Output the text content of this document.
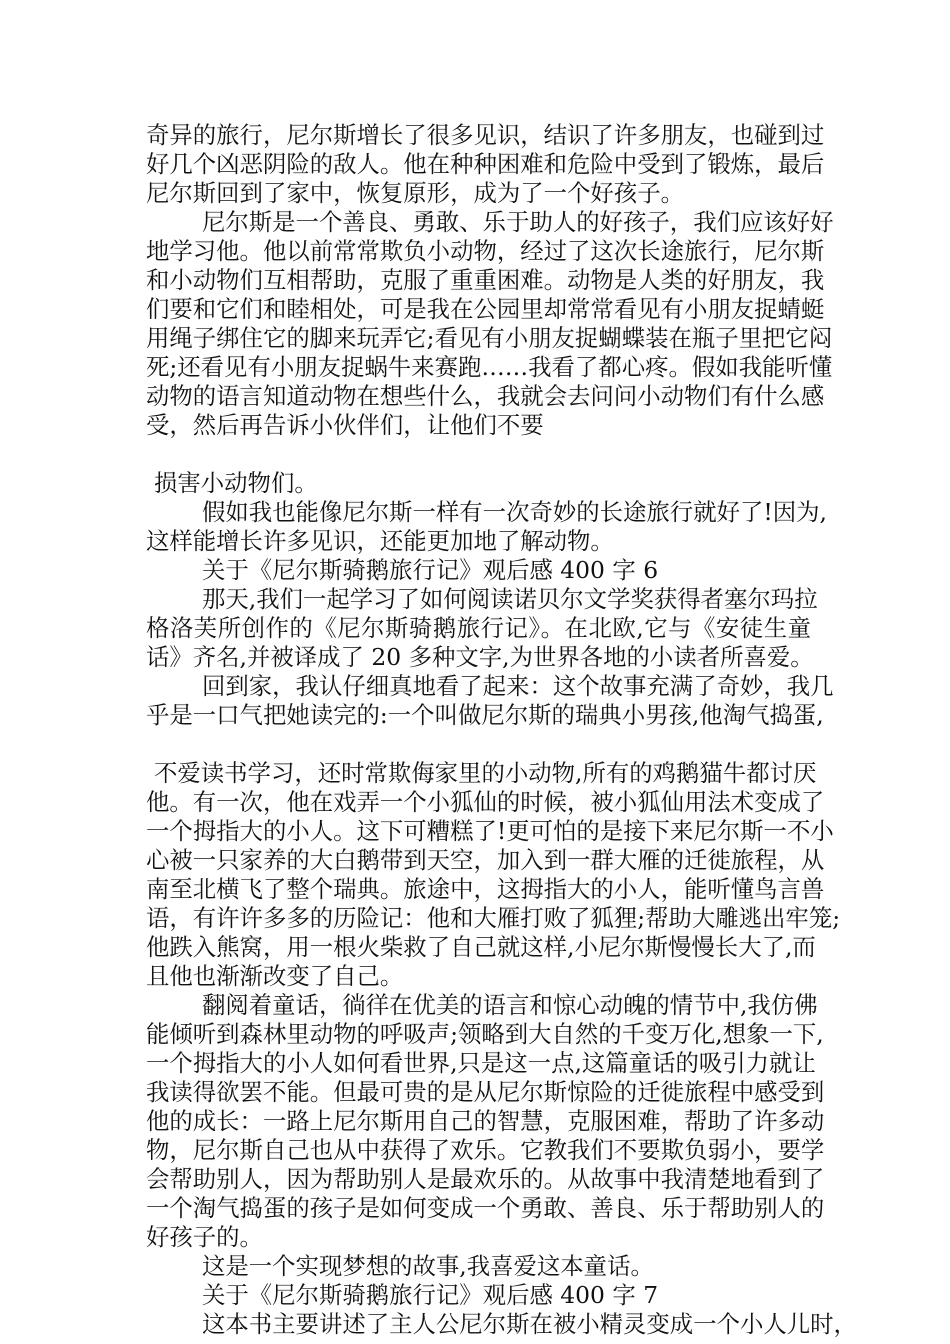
奇异的旅行，尼尔斯增长了很多见识，结识了许多朋友，也碰到过
好几个凶恶阴险的敌人。他在种种困难和危险中受到了锻炼，最后
尼尔斯回到了家中，恢复原形，成为了一个好孩子。
尼尔斯是一个善良、勇敢、乐于助人的好孩子，我们应该好好
地学习他。他以前常常欺负小动物，经过了这次长途旅行，尼尔斯
和小动物们互相帮助，克服了重重困难。动物是人类的好朋友，我
们要和它们和睦相处，可是我在公园里却常常看见有小朋友捉蜻蜓
用绳子绑住它的脚来玩弄它;看见有小朋友捉蝴蝶装在瓶子里把它闷
死;还看见有小朋友捉蜗牛来赛跑……我看了都心疼。假如我能听懂
动物的语言知道动物在想些什么，我就会去问问小动物们有什么感
受，然后再告诉小伙伴们，让他们不要
损害小动物们。
假如我也能像尼尔斯一样有一次奇妙的长途旅行就好了!因为,
这样能增长许多见识，还能更加地了解动物。
关于《尼尔斯骑鹅旅行记》观后感 400 字 6
那天,我们一起学习了如何阅读诺贝尔文学奖获得者塞尔玛拉
格洛芙所创作的《尼尔斯骑鹅旅行记》。在北欧,它与《安徒生童
话》齐名,并被译成了 20 多种文字,为世界各地的小读者所喜爱。
回到家，我认仔细真地看了起来：这个故事充满了奇妙，我几
乎是一口气把她读完的:一个叫做尼尔斯的瑞典小男孩,他淘气捣蛋,
不爱读书学习，还时常欺侮家里的小动物,所有的鸡鹅猫牛都讨厌
他。有一次，他在戏弄一个小狐仙的时候，被小狐仙用法术变成了
一个拇指大的小人。这下可糟糕了!更可怕的是接下来尼尔斯一不小
心被一只家养的大白鹅带到天空，加入到一群大雁的迁徙旅程，从
南至北横飞了整个瑞典。旅途中，这拇指大的小人，能听懂鸟言兽
语，有许许多多的历险记：他和大雁打败了狐狸;帮助大雕逃出牢笼;
他跌入熊窝，用一根火柴救了自己就这样,小尼尔斯慢慢长大了,而
且他也渐渐改变了自己。
翻阅着童话，徜徉在优美的语言和惊心动魄的情节中,我仿佛
能倾听到森林里动物的呼吸声;领略到大自然的千变万化,想象一下,
一个拇指大的小人如何看世界,只是这一点,这篇童话的吸引力就让
我读得欲罢不能。但最可贵的是从尼尔斯惊险的迁徙旅程中感受到
他的成长：一路上尼尔斯用自己的智慧，克服困难，帮助了许多动
物，尼尔斯自己也从中获得了欢乐。它教我们不要欺负弱小，要学
会帮助别人，因为帮助别人是最欢乐的。从故事中我清楚地看到了
一个淘气捣蛋的孩子是如何变成一个勇敢、善良、乐于帮助别人的
好孩子的。
这是一个实现梦想的故事,我喜爱这本童话。
关于《尼尔斯骑鹅旅行记》观后感 400 字 7
这本书主要讲述了主人公尼尔斯在被小精灵变成一个小人儿时，
